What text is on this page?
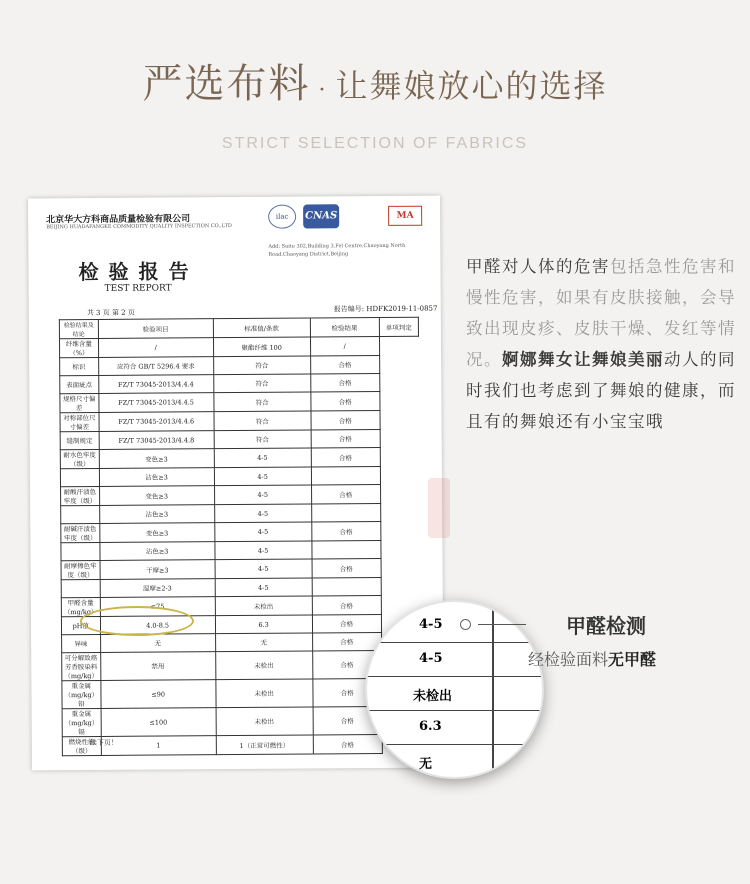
严选布料 · 让舞娘放心的选择
STRICT SELECTION OF FABRICS
北京华大方科商品质量检验有限公司
BEIJING HUADAFANGKE COMMODITY QUALITY INSPECTION CO.,LTD
ilac	CNAS	MA
Add: Suite 302,Building 3,Fel Centre,Chaoyang North Road,Chaoyang District,Beijing
检验报告
TEST REPORT
共 3 页 第 2 页	报告编号: HDFK2019-11-0857
检验结果及结论	检验项目	标准值/条款	检验结果	单项判定
纤维含量（%）	/	聚酯纤维 100	/	
标识	应符合 GB/T 5296.4 要求	符合	合格	
表面疵点	FZ/T 73045-2013/4.4.4	符合	合格	
规格尺寸偏差	FZ/T 73045-2013/4.4.5	符合	合格	
对称部位尺寸偏差	FZ/T 73045-2013/4.4.6	符合	合格	
缝制规定	FZ/T 73045-2013/4.4.8	符合	合格	
耐水色牢度（级）	变色≥3	4-5	合格	
	沾色≥3	4-5		
耐酸汗渍色牢度（级）	变色≥3	4-5	合格	
	沾色≥3	4-5		
耐碱汗渍色牢度（级）	变色≥3	4-5	合格	
	沾色≥3	4-5		
耐摩擦色牢度（级）	干摩≥3	4-5	合格	
	湿摩≥2-3	4-5		
甲醛含量（mg/kg）	≤75	未检出	合格	
pH值	4.0-8.5	6.3	合格	
异味	无	无	合格	
可分解致癌芳香胺染料（mg/kg）	禁用	未检出	合格	
重金属（mg/kg） 铅	≤90	未检出	合格	
重金属（mg/kg） 镉	≤100	未检出	合格	
燃烧性能（级）	1	1（正常可燃性）	合格	
续下页！
4-5
4-5
未检出
6.3
无
甲醛检测
经检验面料无甲醛
甲醛对人体的危害包括急性危害和慢性危害，如果有皮肤接触，会导致出现皮疹、皮肤干燥、发红等情况。婀娜舞女让舞娘美丽动人的同时我们也考虑到了舞娘的健康，而且有的舞娘还有小宝宝哦
